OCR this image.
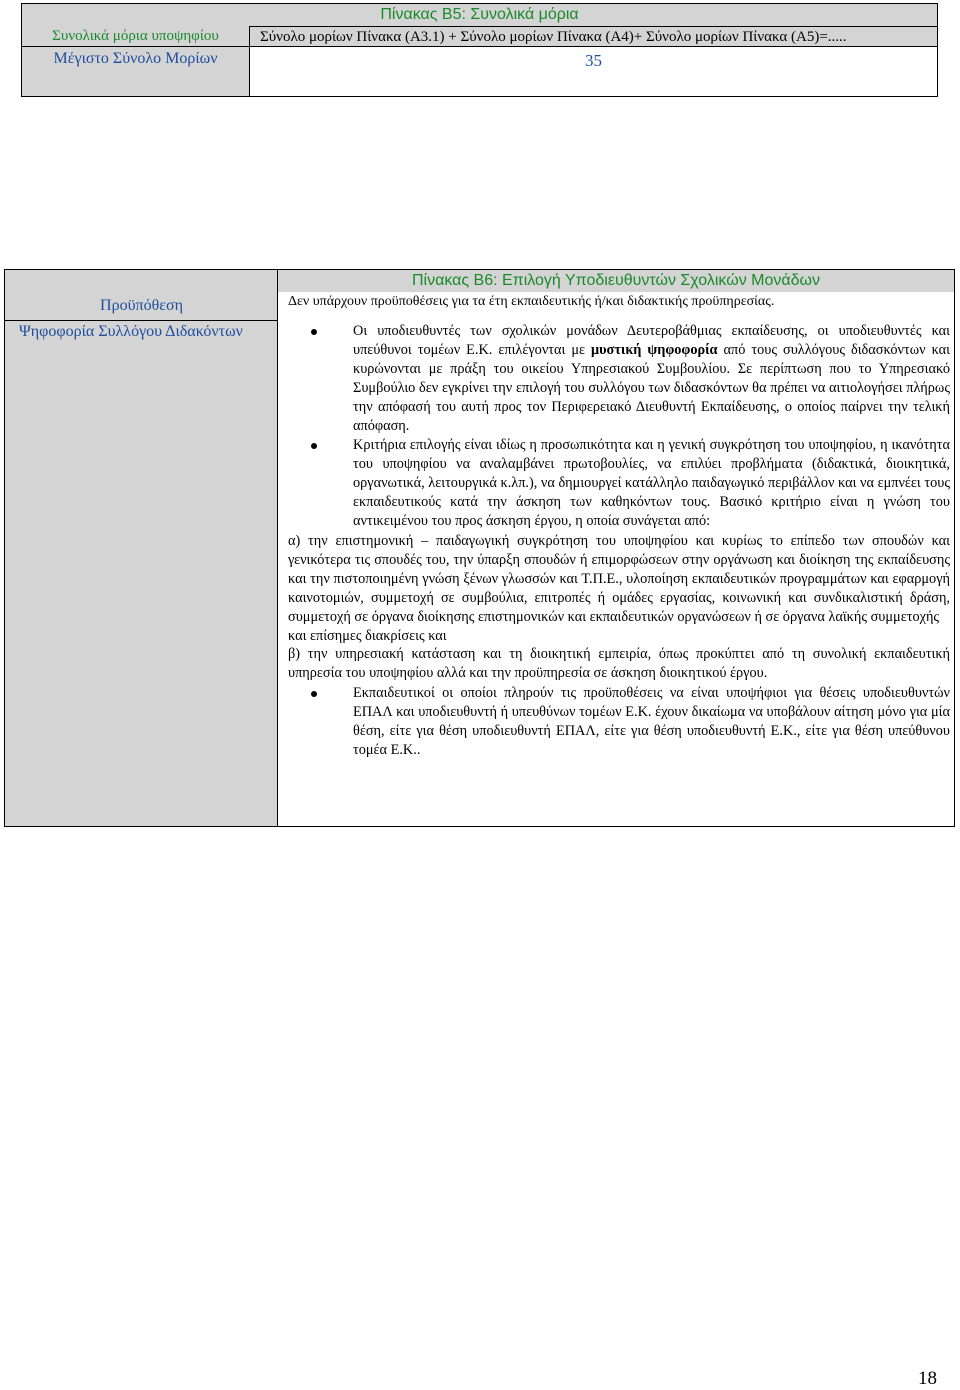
Πίνακας Β5: Συνολικά μόρια
Συνολικά μόρια υποψηφίου	Σύνολο μορίων Πίνακα (Α3.1) + Σύνολο μορίων Πίνακα (Α4)+ Σύνολο μορίων Πίνακα (Α5)=.....
Μέγιστο Σύνολο Μορίων	35
Προϋπόθεση
Ψηφοφορία Συλλόγου Διδακόντων
Πίνακας Β6: Επιλογή Υποδιευθυντών Σχολικών Μονάδων
Δεν υπάρχουν προϋποθέσεις για τα έτη εκπαιδευτικής ή/και διδακτικής προϋπηρεσίας.
Οι υποδιευθυντές των σχολικών μονάδων Δευτεροβάθμιας εκπαίδευσης, οι υποδιευθυντές και υπεύθυνοι τομέων Ε.Κ. επιλέγονται με μυστική ψηφοφορία από τους συλλόγους διδασκόντων και κυρώνονται με πράξη του οικείου Υπηρεσιακού Συμβουλίου. Σε περίπτωση που το Υπηρεσιακό Συμβούλιο δεν εγκρίνει την επιλογή του συλλόγου των διδασκόντων θα πρέπει να αιτιολογήσει πλήρως την απόφασή του αυτή προς τον Περιφερειακό Διευθυντή Εκπαίδευσης, ο οποίος παίρνει την τελική απόφαση.
Κριτήρια επιλογής είναι ιδίως η προσωπικότητα και η γενική συγκρότηση του υποψηφίου, η ικανότητα του υποψηφίου να αναλαμβάνει πρωτοβουλίες, να επιλύει προβλήματα (διδακτικά, διοικητικά, οργανωτικά, λειτουργικά κ.λπ.), να δημιουργεί κατάλληλο παιδαγωγικό περιβάλλον και να εμπνέει τους εκπαιδευτικούς κατά την άσκηση των καθηκόντων τους. Βασικό κριτήριο είναι η γνώση του αντικειμένου του προς άσκηση έργου, η οποία συνάγεται από:
α) την επιστημονική – παιδαγωγική συγκρότηση του υποψηφίου και κυρίως το επίπεδο των σπουδών και γενικότερα τις σπουδές του, την ύπαρξη σπουδών ή επιμορφώσεων στην οργάνωση και διοίκηση της εκπαίδευσης και την πιστοποιημένη γνώση ξένων γλωσσών και Τ.Π.Ε., υλοποίηση εκπαιδευτικών προγραμμάτων και εφαρμογή καινοτομιών, συμμετοχή σε συμβούλια, επιτροπές ή ομάδες εργασίας, κοινωνική και συνδικαλιστική δράση, συμμετοχή σε όργανα διοίκησης επιστημονικών και εκπαιδευτικών οργανώσεων ή σε όργανα λαϊκής συμμετοχής
και επίσημες διακρίσεις και
β) την υπηρεσιακή κατάσταση και τη διοικητική εμπειρία, όπως προκύπτει από τη συνολική εκπαιδευτική υπηρεσία του υποψηφίου αλλά και την προϋπηρεσία σε άσκηση διοικητικού έργου.
Εκπαιδευτικοί οι οποίοι πληρούν τις προϋποθέσεις να είναι υποψήφιοι για θέσεις υποδιευθυντών ΕΠΑΛ και υποδιευθυντή ή υπευθύνων τομέων Ε.Κ. έχουν δικαίωμα να υποβάλουν αίτηση μόνο για μία θέση, είτε για θέση υποδιευθυντή ΕΠΑΛ, είτε για θέση υποδιευθυντή Ε.Κ., είτε για θέση υπεύθυνου τομέα Ε.Κ..
18
